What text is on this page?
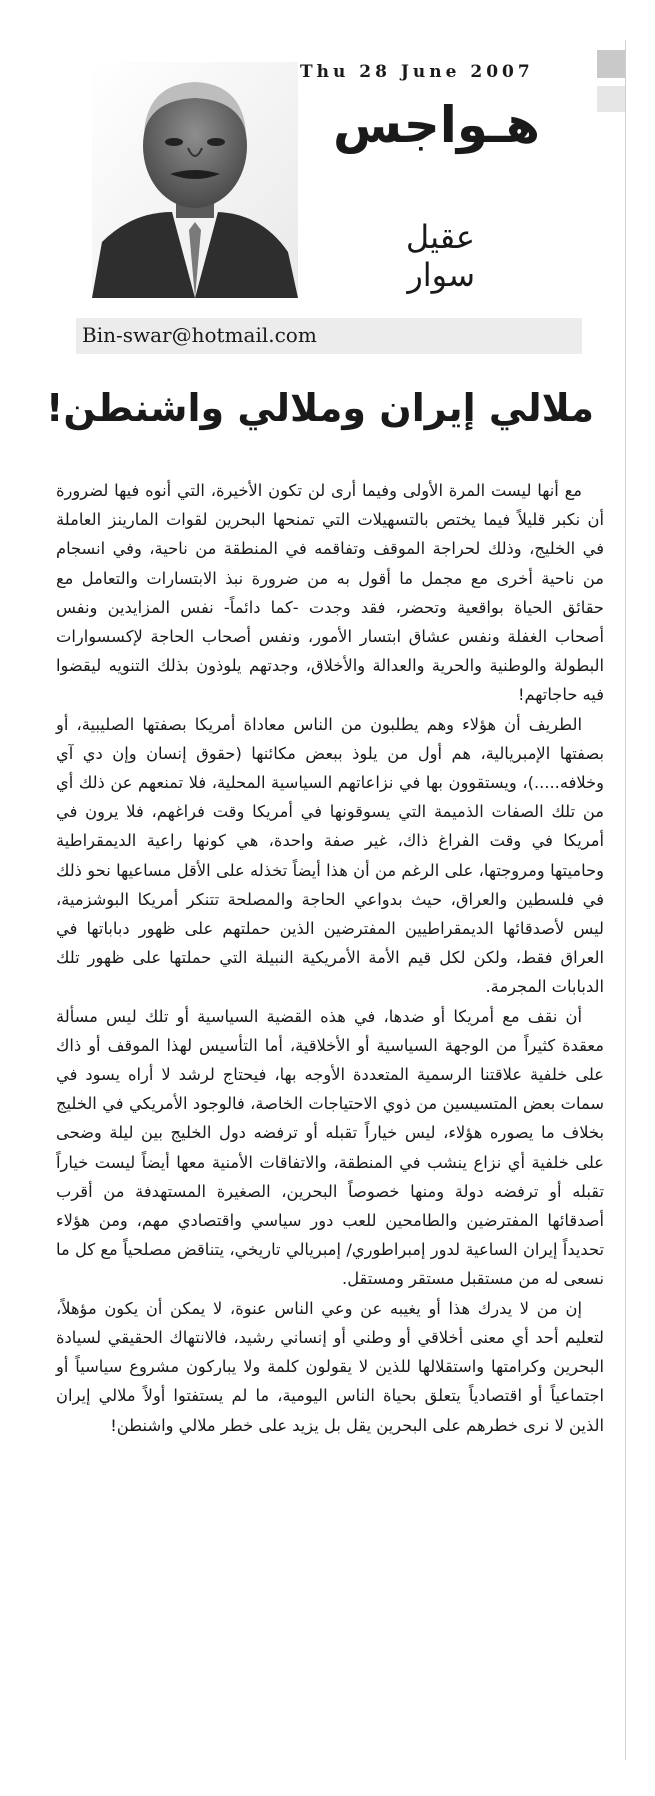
Thu 28 June 2007
هـواجس
عقيل سوار
Bin-swar@hotmail.com
ملالي إيران وملالي واشنطن!

مع أنها ليست المرة الأولى وفيما أرى لن تكون الأخيرة، التي أنوه فيها لضرورة أن نكبر قليلاً فيما يختص بالتسهيلات التي تمنحها البحرين لقوات المارينز العاملة في الخليج، وذلك لحراجة الموقف وتفاقمه في المنطقة من ناحية، وفي انسجام من ناحية أخرى مع مجمل ما أقول به من ضرورة نبذ الابتسارات والتعامل مع حقائق الحياة بواقعية وتحضر، فقد وجدت -كما دائماً- نفس المزايدين ونفس أصحاب الغفلة ونفس عشاق ابتسار الأمور، ونفس أصحاب الحاجة لإكسسوارات البطولة والوطنية والحرية والعدالة والأخلاق، وجدتهم يلوذون بذلك التنويه ليقضوا فيه حاجاتهم!

الطريف أن هؤلاء وهم يطلبون من الناس معاداة أمريكا بصفتها الصليبية، أو بصفتها الإمبريالية، هم أول من يلوذ ببعض مكائنها (حقوق إنسان وإن دي آي وخلافه.....)، ويستقوون بها في نزاعاتهم السياسية المحلية، فلا تمنعهم عن ذلك أي من تلك الصفات الذميمة التي يسوقونها في أمريكا وقت فراغهم، فلا يرون في أمريكا في وقت الفراغ ذاك، غير صفة واحدة، هي كونها راعية الديمقراطية وحاميتها ومروجتها، على الرغم من أن هذا أيضاً تخذله على الأقل مساعيها نحو ذلك في فلسطين والعراق، حيث بدواعي الحاجة والمصلحة تتنكر أمريكا البوشزمية، ليس لأصدقائها الديمقراطيين المفترضين الذين حملتهم على ظهور دباباتها في العراق فقط، ولكن لكل قيم الأمة الأمريكية النبيلة التي حملتها على ظهور تلك الدبابات المجرمة.

أن نقف مع أمريكا أو ضدها، في هذه القضية السياسية أو تلك ليس مسألة معقدة كثيراً من الوجهة السياسية أو الأخلاقية، أما التأسيس لهذا الموقف أو ذاك على خلفية علاقتنا الرسمية المتعددة الأوجه بها، فيحتاج لرشد لا أراه يسود في سمات بعض المتسيسين من ذوي الاحتياجات الخاصة، فالوجود الأمريكي في الخليج بخلاف ما يصوره هؤلاء، ليس خياراً تقبله أو ترفضه دول الخليج بين ليلة وضحى على خلفية أي نزاع ينشب في المنطقة، والاتفاقات الأمنية معها أيضاً ليست خياراً تقبله أو ترفضه دولة ومنها خصوصاً البحرين، الصغيرة المستهدفة من أقرب أصدقائها المفترضين والطامحين للعب دور سياسي واقتصادي مهم، ومن هؤلاء تحديداً إيران الساعية لدور إمبراطوري/ إمبريالي تاريخي، يتناقض مصلحياً مع كل ما نسعى له من مستقبل مستقر ومستقل.

إن من لا يدرك هذا أو يغيبه عن وعي الناس عنوة، لا يمكن أن يكون مؤهلاً، لتعليم أحد أي معنى أخلاقي أو وطني أو إنساني رشيد، فالانتهاك الحقيقي لسيادة البحرين وكرامتها واستقلالها للذين لا يقولون كلمة ولا يباركون مشروع سياسياً أو اجتماعياً أو اقتصادياً يتعلق بحياة الناس اليومية، ما لم يستفتوا أولاً ملالي إيران الذين لا نرى خطرهم على البحرين يقل بل يزيد على خطر ملالي واشنطن!
